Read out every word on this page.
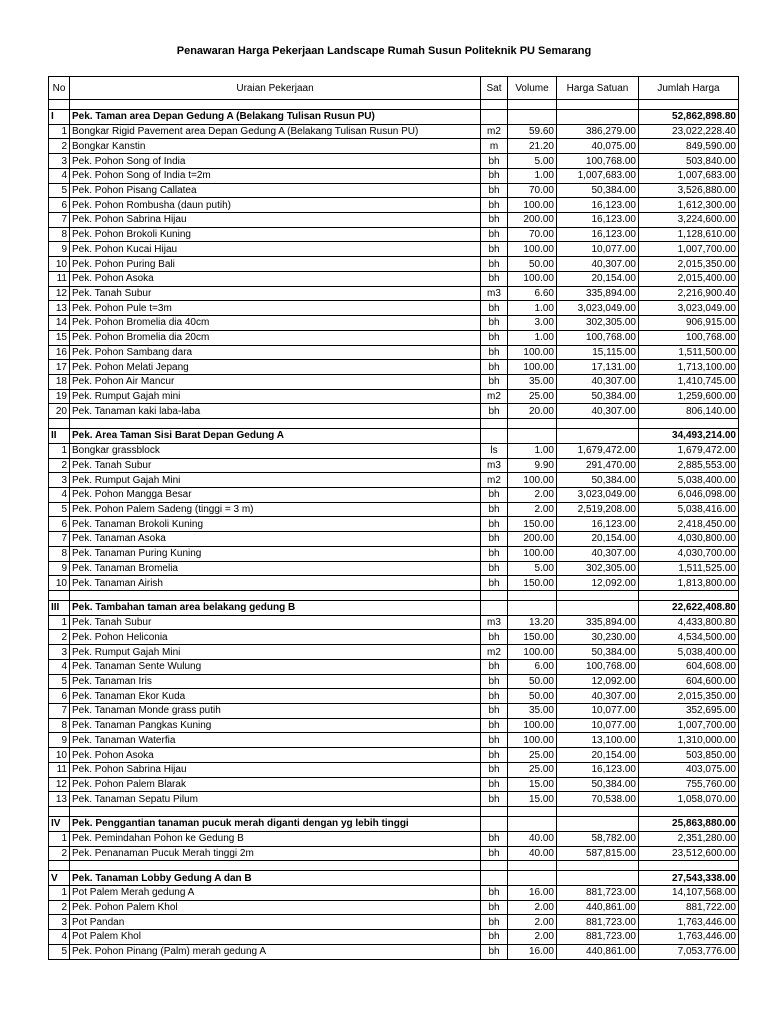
Penawaran Harga Pekerjaan Landscape Rumah Susun Politeknik PU Semarang
No	Uraian Pekerjaan	Sat	Volume	Harga Satuan	Jumlah Harga

I	Pek. Taman area Depan Gedung A (Belakang Tulisan Rusun PU)				52,862,898.80
1	Bongkar Rigid Pavement area Depan Gedung A (Belakang Tulisan Rusun PU)	m2	59.60	386,279.00	23,022,228.40
2	Bongkar Kanstin	m	21.20	40,075.00	849,590.00
3	Pek. Pohon Song of India	bh	5.00	100,768.00	503,840.00
4	Pek. Pohon Song of India t=2m	bh	1.00	1,007,683.00	1,007,683.00
5	Pek. Pohon Pisang Callatea	bh	70.00	50,384.00	3,526,880.00
6	Pek. Pohon Rombusha (daun putih)	bh	100.00	16,123.00	1,612,300.00
7	Pek. Pohon Sabrina Hijau	bh	200.00	16,123.00	3,224,600.00
8	Pek. Pohon Brokoli Kuning	bh	70.00	16,123.00	1,128,610.00
9	Pek. Pohon Kucai Hijau	bh	100.00	10,077.00	1,007,700.00
10	Pek. Pohon Puring Bali	bh	50.00	40,307.00	2,015,350.00
11	Pek. Pohon Asoka	bh	100.00	20,154.00	2,015,400.00
12	Pek. Tanah Subur	m3	6.60	335,894.00	2,216,900.40
13	Pek. Pohon Pule t=3m	bh	1.00	3,023,049.00	3,023,049.00
14	Pek. Pohon Bromelia dia 40cm	bh	3.00	302,305.00	906,915.00
15	Pek. Pohon Bromelia dia 20cm	bh	1.00	100,768.00	100,768.00
16	Pek. Pohon Sambang dara	bh	100.00	15,115.00	1,511,500.00
17	Pek. Pohon Melati Jepang	bh	100.00	17,131.00	1,713,100.00
18	Pek. Pohon Air Mancur	bh	35.00	40,307.00	1,410,745.00
19	Pek. Rumput Gajah mini	m2	25.00	50,384.00	1,259,600.00
20	Pek. Tanaman kaki laba-laba	bh	20.00	40,307.00	806,140.00

II	Pek. Area Taman Sisi Barat Depan Gedung A				34,493,214.00
1	Bongkar grassblock	ls	1.00	1,679,472.00	1,679,472.00
2	Pek. Tanah Subur	m3	9.90	291,470.00	2,885,553.00
3	Pek. Rumput Gajah Mini	m2	100.00	50,384.00	5,038,400.00
4	Pek. Pohon Mangga Besar	bh	2.00	3,023,049.00	6,046,098.00
5	Pek. Pohon Palem Sadeng (tinggi = 3 m)	bh	2.00	2,519,208.00	5,038,416.00
6	Pek. Tanaman Brokoli Kuning	bh	150.00	16,123.00	2,418,450.00
7	Pek. Tanaman Asoka	bh	200.00	20,154.00	4,030,800.00
8	Pek. Tanaman Puring Kuning	bh	100.00	40,307.00	4,030,700.00
9	Pek. Tanaman Bromelia	bh	5.00	302,305.00	1,511,525.00
10	Pek. Tanaman Airish	bh	150.00	12,092.00	1,813,800.00

III	Pek. Tambahan taman area belakang gedung B				22,622,408.80
1	Pek. Tanah Subur	m3	13.20	335,894.00	4,433,800.80
2	Pek. Pohon Heliconia	bh	150.00	30,230.00	4,534,500.00
3	Pek. Rumput Gajah Mini	m2	100.00	50,384.00	5,038,400.00
4	Pek. Tanaman Sente Wulung	bh	6.00	100,768.00	604,608.00
5	Pek. Tanaman Iris	bh	50.00	12,092.00	604,600.00
6	Pek. Tanaman Ekor Kuda	bh	50.00	40,307.00	2,015,350.00
7	Pek. Tanaman Monde grass putih	bh	35.00	10,077.00	352,695.00
8	Pek. Tanaman Pangkas Kuning	bh	100.00	10,077.00	1,007,700.00
9	Pek. Tanaman Waterfia	bh	100.00	13,100.00	1,310,000.00
10	Pek. Pohon Asoka	bh	25.00	20,154.00	503,850.00
11	Pek. Pohon Sabrina Hijau	bh	25.00	16,123.00	403,075.00
12	Pek. Pohon Palem Blarak	bh	15.00	50,384.00	755,760.00
13	Pek. Tanaman Sepatu Pilum	bh	15.00	70,538.00	1,058,070.00

IV	Pek. Penggantian tanaman pucuk merah diganti dengan yg lebih tinggi				25,863,880.00
1	Pek. Pemindahan Pohon ke Gedung B	bh	40.00	58,782.00	2,351,280.00
2	Pek. Penanaman Pucuk Merah tinggi 2m	bh	40.00	587,815.00	23,512,600.00

V	Pek. Tanaman Lobby Gedung A dan B				27,543,338.00
1	Pot Palem Merah gedung A	bh	16.00	881,723.00	14,107,568.00
2	Pek. Pohon Palem Khol	bh	2.00	440,861.00	881,722.00
3	Pot Pandan	bh	2.00	881,723.00	1,763,446.00
4	Pot Palem Khol	bh	2.00	881,723.00	1,763,446.00
5	Pek. Pohon Pinang (Palm) merah gedung A	bh	16.00	440,861.00	7,053,776.00
